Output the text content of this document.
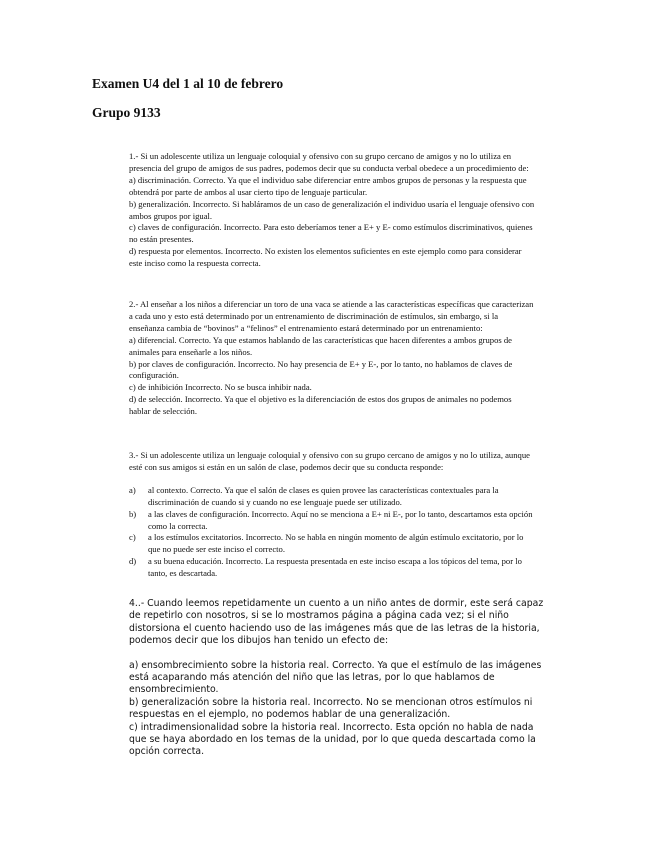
Examen U4 del 1 al 10 de febrero
Grupo 9133

1.- Si un adolescente utiliza un lenguaje coloquial y ofensivo con su grupo cercano de amigos y no lo utiliza en presencia del grupo de amigos de sus padres, podemos decir que su conducta verbal obedece a un procedimiento de:

a) discriminación. Correcto. Ya que el individuo sabe diferenciar entre ambos grupos de personas y la respuesta que obtendrá por parte de ambos al usar cierto tipo de lenguaje particular.

b) generalización. Incorrecto. Si habláramos de un caso de generalización el individuo usaría el lenguaje ofensivo con ambos grupos por igual.

c) claves de configuración. Incorrecto. Para esto deberíamos tener a E+ y E- como estímulos discriminativos, quienes no están presentes.

d) respuesta por elementos. Incorrecto. No existen los elementos suficientes en este ejemplo como para considerar este inciso como la respuesta correcta.

2.- Al enseñar a los niños a diferenciar un toro de una vaca se atiende a las características específicas que caracterizan a cada uno y esto está determinado por un entrenamiento de discriminación de estímulos, sin embargo, si la enseñanza cambia de “bovinos” a “felinos” el entrenamiento estará determinado por un entrenamiento:

a) diferencial. Correcto. Ya que estamos hablando de las características que hacen diferentes a ambos grupos de animales para enseñarle a los niños.

b) por claves de configuración. Incorrecto. No hay presencia de E+ y E-, por lo tanto, no hablamos de claves de configuración.

c) de inhibición Incorrecto. No se busca inhibir nada.

d) de selección. Incorrecto. Ya que el objetivo es la diferenciación de estos dos grupos de animales no podemos hablar de selección.

3.- Si un adolescente utiliza un lenguaje coloquial y ofensivo con su grupo cercano de amigos y no lo utiliza, aunque esté con sus amigos si están en un salón de clase, podemos decir que su conducta responde:

a)	al contexto. Correcto. Ya que el salón de clases es quien provee las características contextuales para la discriminación de cuando si y cuando no ese lenguaje puede ser utilizado.
b)	a las claves de configuración. Incorrecto. Aquí no se menciona a E+ ni E-, por lo tanto, descartamos esta opción como la correcta.
c)	a los estímulos excitatorios. Incorrecto. No se habla en ningún momento de algún estímulo excitatorio, por lo que no puede ser este inciso el correcto.
d)	a su buena educación. Incorrecto. La respuesta presentada en este inciso escapa a los tópicos del tema, por lo tanto, es descartada.

4..- Cuando leemos repetidamente un cuento a un niño antes de dormir, este será capaz de repetirlo con nosotros, si se lo mostramos página a página cada vez; si el niño distorsiona el cuento haciendo uso de las imágenes más que de las letras de la historia, podemos decir que los dibujos han tenido un efecto de:

a) ensombrecimiento sobre la historia real. Correcto. Ya que el estímulo de las imágenes está acaparando más atención del niño que las letras, por lo que hablamos de ensombrecimiento.

b) generalización sobre la historia real. Incorrecto. No se mencionan otros estímulos ni respuestas en el ejemplo, no podemos hablar de una generalización.

c) intradimensionalidad sobre la historia real. Incorrecto. Esta opción no habla de nada que se haya abordado en los temas de la unidad, por lo que queda descartada como la opción correcta.
